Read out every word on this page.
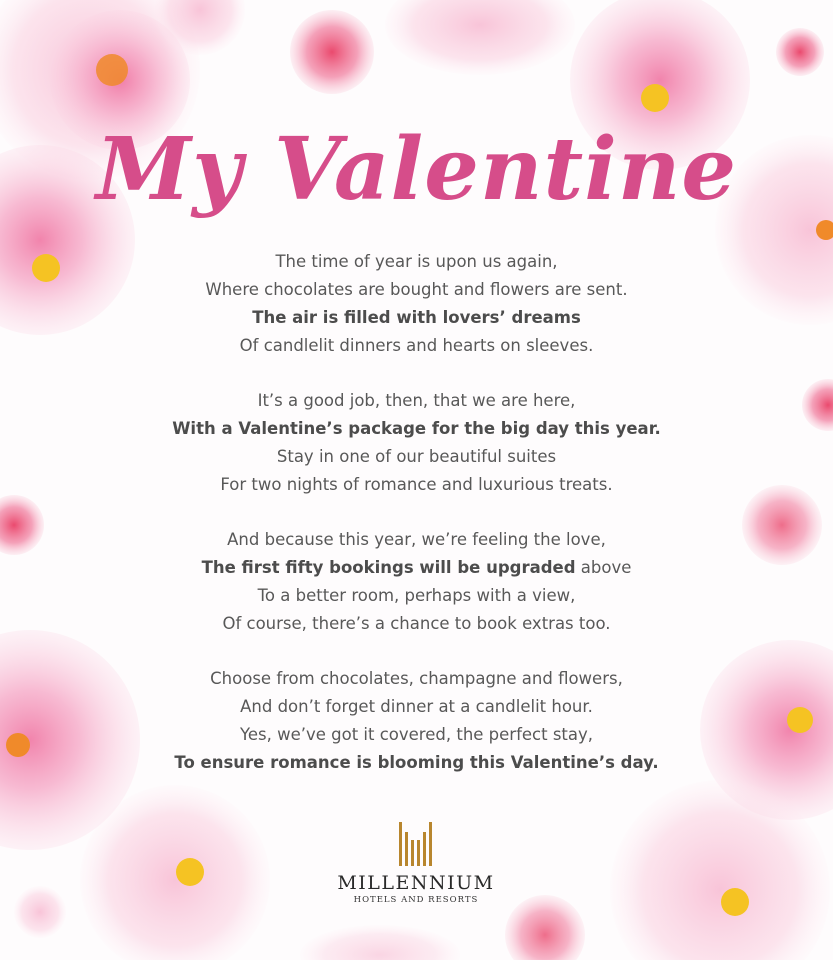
My Valentine
The time of year is upon us again,
Where chocolates are bought and flowers are sent.
The air is filled with lovers’ dreams
Of candlelit dinners and hearts on sleeves.
It’s a good job, then, that we are here,
With a Valentine’s package for the big day this year.
Stay in one of our beautiful suites
For two nights of romance and luxurious treats.
And because this year, we’re feeling the love,
The first fifty bookings will be upgraded above
To a better room, perhaps with a view,
Of course, there’s a chance to book extras too.
Choose from chocolates, champagne and flowers,
And don’t forget dinner at a candlelit hour.
Yes, we’ve got it covered, the perfect stay,
To ensure romance is blooming this Valentine’s day.
MILLENNIUM
HOTELS AND RESORTS
